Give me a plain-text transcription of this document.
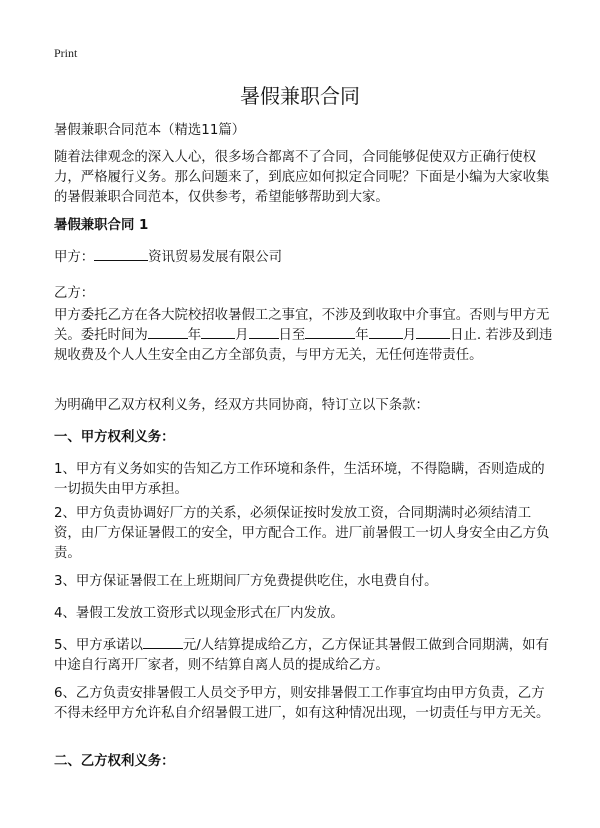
Print
暑假兼职合同

暑假兼职合同范本（精选11篇）

随着法律观念的深入人心，很多场合都离不了合同，合同能够促使双方正确行使权力，严格履行义务。那么问题来了，到底应如何拟定合同呢？下面是小编为大家收集的暑假兼职合同范本，仅供参考，希望能够帮助到大家。

暑假兼职合同 1

甲方：	资讯贸易发展有限公司

乙方：

甲方委托乙方在各大院校招收暑假工之事宜，不涉及到收取中介事宜。否则与甲方无关。委托时间为	年	月 日至	年	月	日止. 若涉及到违规收费及个人人生安全由乙方全部负责，与甲方无关，无任何连带责任。

为明确甲乙双方权利义务，经双方共同协商，特订立以下条款：

一、甲方权利义务：

1、甲方有义务如实的告知乙方工作环境和条件，生活环境，不得隐瞒，否则造成的一切损失由甲方承担。

2、甲方负责协调好厂方的关系，必须保证按时发放工资，合同期满时必须结清工资，由厂方保证暑假工的安全，甲方配合工作。进厂前暑假工一切人身安全由乙方负责。

3、甲方保证暑假工在上班期间厂方免费提供吃住，水电费自付。

4、暑假工发放工资形式以现金形式在厂内发放。

5、甲方承诺以	元/人结算提成给乙方，乙方保证其暑假工做到合同期满，如有中途自行离开厂家者，则不结算自离人员的提成给乙方。

6、乙方负责安排暑假工人员交予甲方，则安排暑假工工作事宜均由甲方负责，乙方不得未经甲方允许私自介绍暑假工进厂，如有这种情况出现，一切责任与甲方无关。

二、乙方权利义务：
